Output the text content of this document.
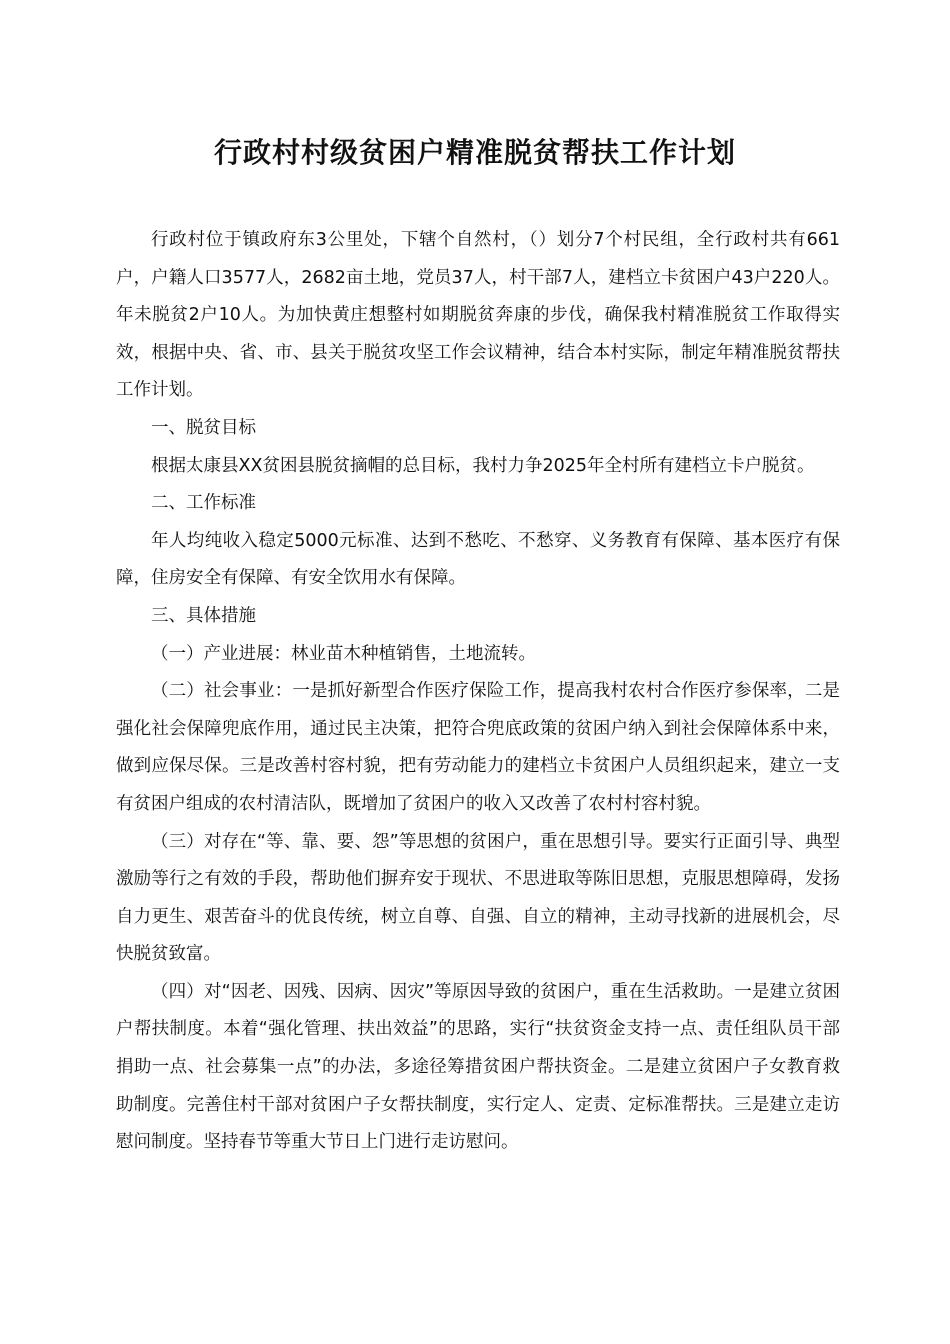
行政村村级贫困户精准脱贫帮扶工作计划

行政村位于镇政府东3公里处，下辖个自然村，（）划分7个村民组，全行政村共有661户，户籍人口3577人，2682亩土地，党员37人，村干部7人，建档立卡贫困户43户220人。年未脱贫2户10人。为加快黄庄想整村如期脱贫奔康的步伐，确保我村精准脱贫工作取得实效，根据中央、省、市、县关于脱贫攻坚工作会议精神，结合本村实际，制定年精准脱贫帮扶工作计划。

一、脱贫目标

根据太康县XX贫困县脱贫摘帽的总目标，我村力争2025年全村所有建档立卡户脱贫。

二、工作标准

年人均纯收入稳定5000元标准、达到不愁吃、不愁穿、义务教育有保障、基本医疗有保障，住房安全有保障、有安全饮用水有保障。

三、具体措施

（一）产业进展：林业苗木种植销售，土地流转。

（二）社会事业：一是抓好新型合作医疗保险工作，提高我村农村合作医疗参保率，二是强化社会保障兜底作用，通过民主决策，把符合兜底政策的贫困户纳入到社会保障体系中来，做到应保尽保。三是改善村容村貌，把有劳动能力的建档立卡贫困户人员组织起来，建立一支有贫困户组成的农村清洁队，既增加了贫困户的收入又改善了农村村容村貌。

（三）对存在“等、靠、要、怨”等思想的贫困户，重在思想引导。要实行正面引导、典型激励等行之有效的手段，帮助他们摒弃安于现状、不思进取等陈旧思想，克服思想障碍，发扬自力更生、艰苦奋斗的优良传统，树立自尊、自强、自立的精神，主动寻找新的进展机会，尽快脱贫致富。

（四）对“因老、因残、因病、因灾”等原因导致的贫困户，重在生活救助。一是建立贫困户帮扶制度。本着“强化管理、扶出效益”的思路，实行“扶贫资金支持一点、责任组队员干部捐助一点、社会募集一点”的办法，多途径筹措贫困户帮扶资金。二是建立贫困户子女教育救助制度。完善住村干部对贫困户子女帮扶制度，实行定人、定责、定标准帮扶。三是建立走访慰问制度。坚持春节等重大节日上门进行走访慰问。
